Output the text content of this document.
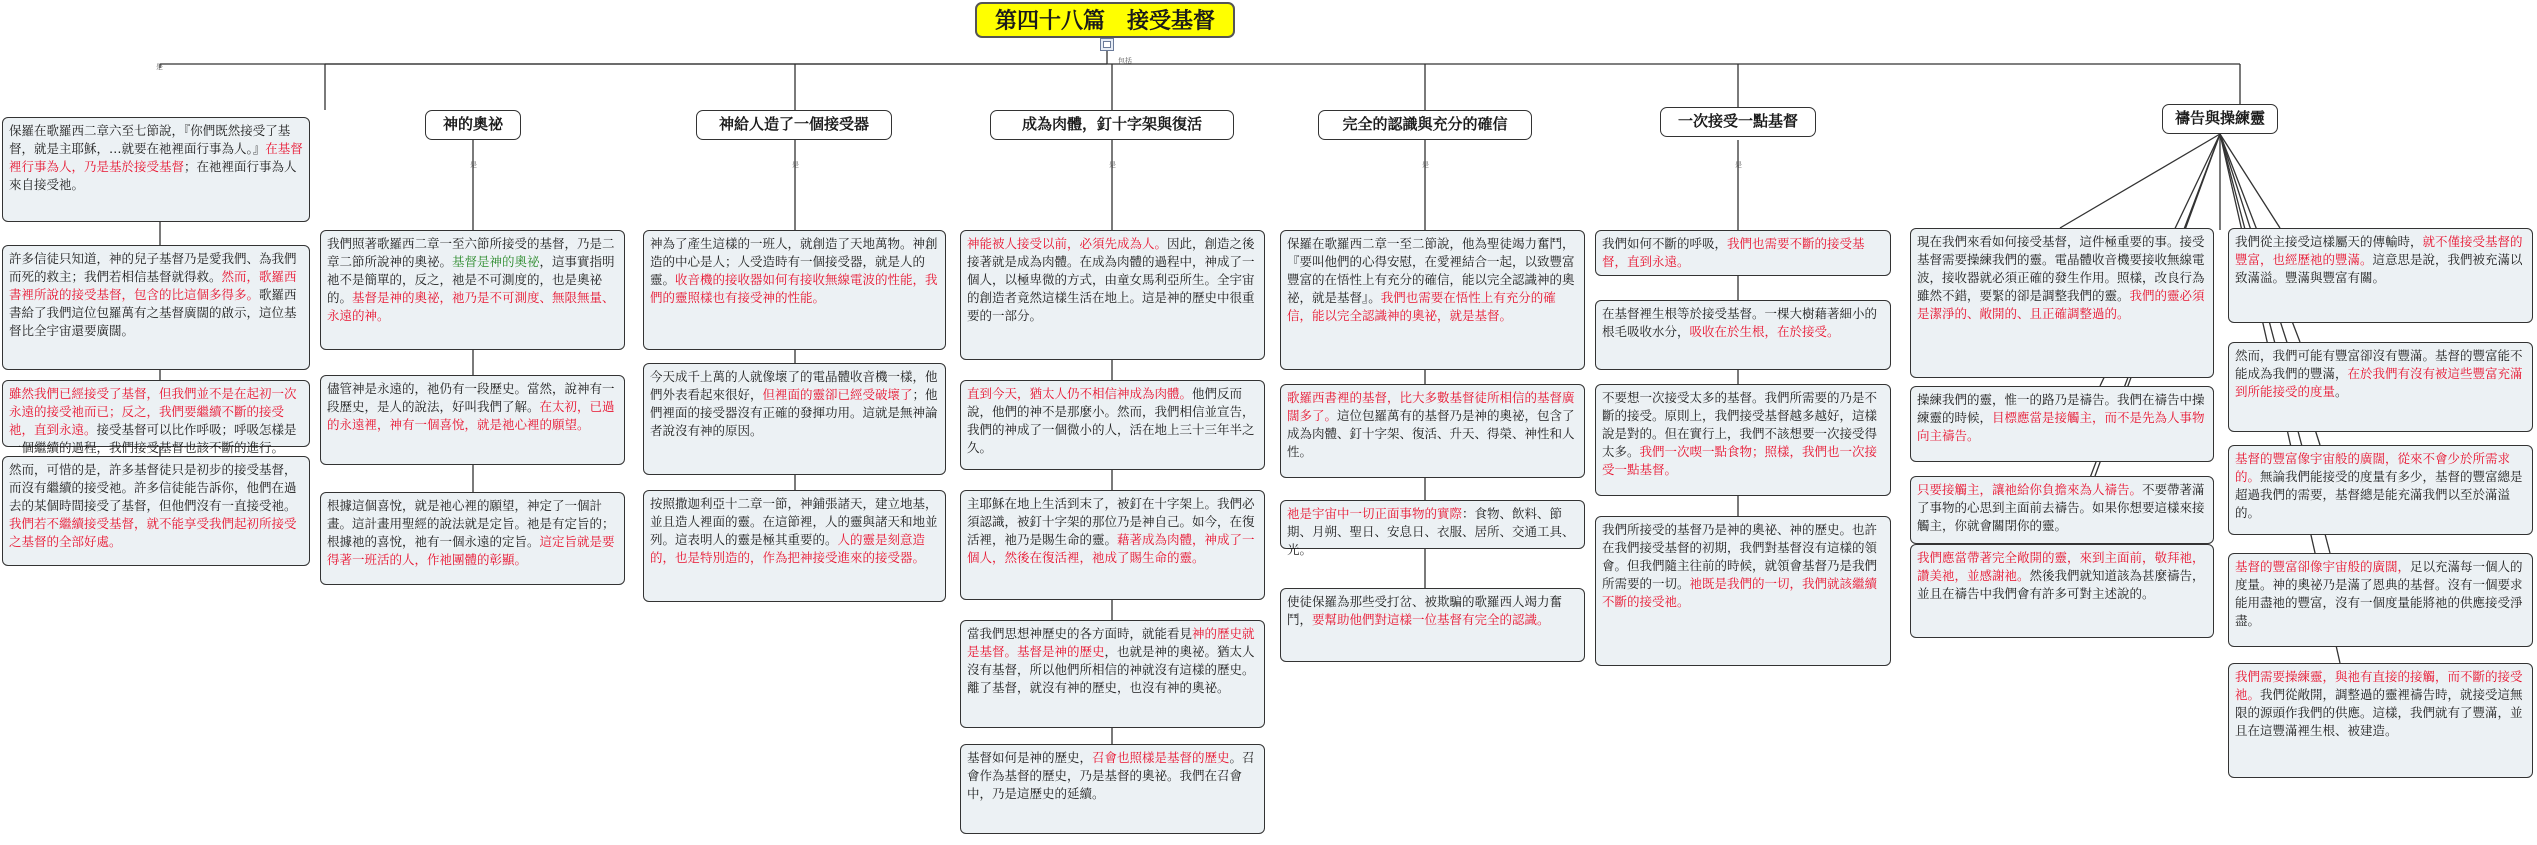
第四十八篇　接受基督
是
包括
保羅在歌羅西二章六至七節說，『你們既然接受了基督，就是主耶穌，…就要在祂裡面行事為人。』在基督裡行事為人，乃是基於接受基督；在祂裡面行事為人來自接受祂。
許多信徒只知道，神的兒子基督乃是愛我們、為我們而死的救主；我們若相信基督就得救。然而，歌羅西書裡所說的接受基督，包含的比這個多得多。歌羅西書給了我們這位包羅萬有之基督廣闊的啟示，這位基督比全宇宙還要廣闊。
雖然我們已經接受了基督，但我們並不是在起初一次永遠的接受祂而已；反之，我們要繼續不斷的接受祂，直到永遠。接受基督可以比作呼吸；呼吸怎樣是一個繼續的過程，我們接受基督也該不斷的進行。
然而，可惜的是，許多基督徒只是初步的接受基督，而沒有繼續的接受祂。許多信徒能告訴你，他們在過去的某個時間接受了基督，但他們沒有一直接受祂。我們若不繼續接受基督，就不能享受我們起初所接受之基督的全部好處。
神的奧祕	神給人造了一個接受器	成為肉體，釘十字架與復活	完全的認識與充分的確信	一次接受一點基督	禱告與操練靈
是	是	是	是	是
我們照著歌羅西二章一至六節所接受的基督，乃是二章二節所說神的奧祕。基督是神的奧祕，這事實指明祂不是簡單的，反之，祂是不可測度的，也是奧祕的。基督是神的奧祕，祂乃是不可測度、無限無量、永遠的神。
儘管神是永遠的，祂仍有一段歷史。當然，說神有一段歷史，是人的說法，好叫我們了解。在太初，已過的永遠裡，神有一個喜悅，就是祂心裡的願望。
根據這個喜悅，就是祂心裡的願望，神定了一個計畫。這計畫用聖經的說法就是定旨。祂是有定旨的；根據祂的喜悅，祂有一個永遠的定旨。這定旨就是要得著一班活的人，作祂團體的彰顯。
神為了產生這樣的一班人，就創造了天地萬物。神創造的中心是人；人受造時有一個接受器，就是人的靈。收音機的接收器如何有接收無線電波的性能，我們的靈照樣也有接受神的性能。
今天成千上萬的人就像壞了的電晶體收音機一樣，他們外表看起來很好，但裡面的靈卻已經受破壞了；他們裡面的接受器沒有正確的發揮功用。這就是無神論者說沒有神的原因。
按照撒迦利亞十二章一節，神鋪張諸天，建立地基，並且造人裡面的靈。在這節裡，人的靈與諸天和地並列。這表明人的靈是極其重要的。人的靈是刻意造的，也是特別造的，作為把神接受進來的接受器。
神能被人接受以前，必須先成為人。因此，創造之後接著就是成為肉體。在成為肉體的過程中，神成了一個人，以極卑微的方式，由童女馬利亞所生。全宇宙的創造者竟然這樣生活在地上。這是神的歷史中很重要的一部分。
直到今天，猶太人仍不相信神成為肉體。他們反而說，他們的神不是那麼小。然而，我們相信並宣告，我們的神成了一個微小的人，活在地上三十三年半之久。
主耶穌在地上生活到末了，被釘在十字架上。我們必須認識，被釘十字架的那位乃是神自己。如今，在復活裡，祂乃是賜生命的靈。藉著成為肉體，神成了一個人，然後在復活裡，祂成了賜生命的靈。
當我們思想神歷史的各方面時，就能看見神的歷史就是基督。基督是神的歷史，也就是神的奧祕。猶太人沒有基督，所以他們所相信的神就沒有這樣的歷史。離了基督，就沒有神的歷史，也沒有神的奧祕。
基督如何是神的歷史，召會也照樣是基督的歷史。召會作為基督的歷史，乃是基督的奧祕。我們在召會中，乃是這歷史的延續。
保羅在歌羅西二章一至二節說，他為聖徒竭力奮鬥，『要叫他們的心得安慰，在愛裡結合一起，以致豐富豐富的在悟性上有充分的確信，能以完全認識神的奧祕，就是基督』。我們也需要在悟性上有充分的確信，能以完全認識神的奧祕，就是基督。
歌羅西書裡的基督，比大多數基督徒所相信的基督廣闊多了。這位包羅萬有的基督乃是神的奧祕，包含了成為肉體、釘十字架、復活、升天、得榮、神性和人性。
祂是宇宙中一切正面事物的實際：食物、飲料、節期、月朔、聖日、安息日、衣服、居所、交通工具、光。
使徒保羅為那些受打岔、被欺騙的歌羅西人竭力奮鬥，要幫助他們對這樣一位基督有完全的認識。
我們如何不斷的呼吸，我們也需要不斷的接受基督，直到永遠。
在基督裡生根等於接受基督。一棵大樹藉著細小的根毛吸收水分，吸收在於生根，在於接受。
不要想一次接受太多的基督。我們所需要的乃是不斷的接受。原則上，我們接受基督越多越好，這樣說是對的。但在實行上，我們不該想要一次接受得太多。我們一次喫一點食物；照樣，我們也一次接受一點基督。
我們所接受的基督乃是神的奧祕、神的歷史。也許在我們接受基督的初期，我們對基督沒有這樣的領會。但我們隨主往前的時候，就領會基督乃是我們所需要的一切。祂既是我們的一切，我們就該繼續不斷的接受祂。
現在我們來看如何接受基督，這件極重要的事。接受基督需要操練我們的靈。電晶體收音機要接收無線電波，接收器就必須正確的發生作用。照樣，改良行為雖然不錯，要緊的卻是調整我們的靈。我們的靈必須是潔淨的、敞開的、且正確調整過的。
操練我們的靈，惟一的路乃是禱告。我們在禱告中操練靈的時候，目標應當是接觸主，而不是先為人事物向主禱告。
只要接觸主，讓祂給你負擔來為人禱告。不要帶著滿了事物的心思到主面前去禱告。如果你想要這樣來接觸主，你就會關閉你的靈。
我們應當帶著完全敞開的靈，來到主面前，敬拜祂，讚美祂，並感謝祂。然後我們就知道該為甚麼禱告，並且在禱告中我們會有許多可對主述說的。
我們從主接受這樣屬天的傳輸時，就不僅接受基督的豐富，也經歷祂的豐滿。這意思是說，我們被充滿以致滿溢。豐滿與豐富有關。
然而，我們可能有豐富卻沒有豐滿。基督的豐富能不能成為我們的豐滿，在於我們有沒有被這些豐富充滿到所能接受的度量。
基督的豐富像宇宙般的廣闊，從來不會少於所需求的。無論我們能接受的度量有多少，基督的豐富總是超過我們的需要，基督總是能充滿我們以至於滿溢的。
基督的豐富卻像宇宙般的廣闊，足以充滿每一個人的度量。神的奧祕乃是滿了恩典的基督。沒有一個要求能用盡祂的豐富，沒有一個度量能將祂的供應接受淨盡。
我們需要操練靈，與祂有直接的接觸，而不斷的接受祂。我們從敞開，調整過的靈裡禱告時，就接受這無限的源頭作我們的供應。這樣，我們就有了豐滿，並且在這豐滿裡生根、被建造。
